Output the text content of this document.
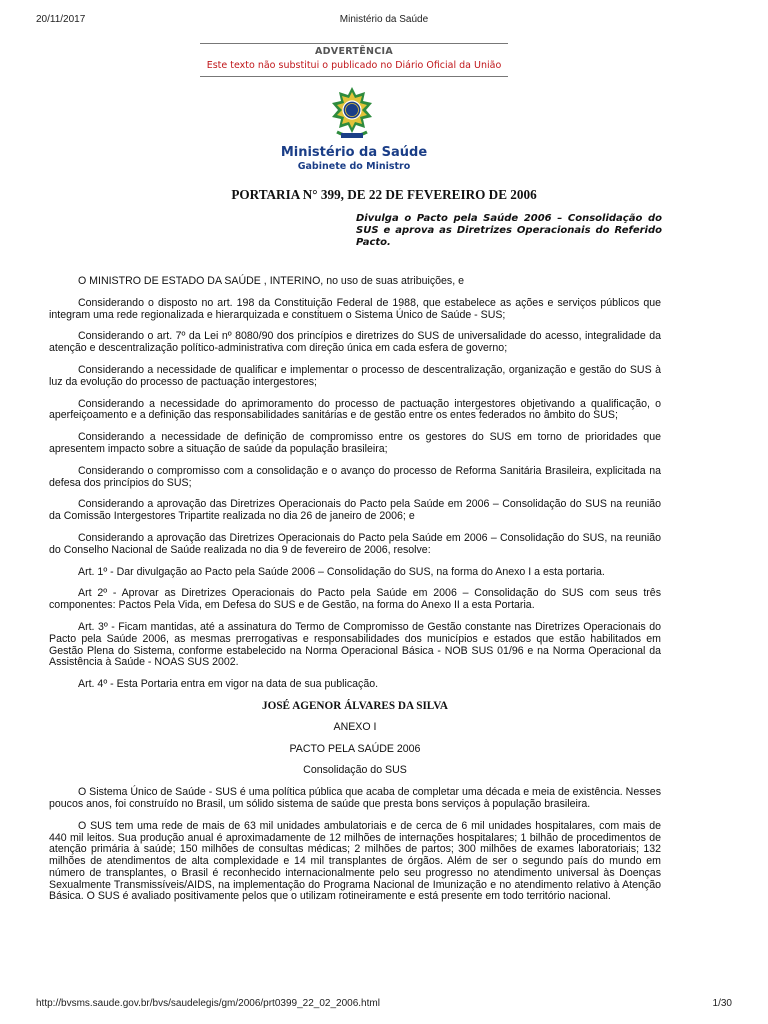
20/11/2017	Ministério da Saúde
ADVERTÊNCIA
Este texto não substitui o publicado no Diário Oficial da União
Ministério da Saúde
Gabinete do Ministro
PORTARIA N° 399, DE 22 DE FEVEREIRO DE 2006
Divulga o Pacto pela Saúde 2006 – Consolidação do SUS e aprova as Diretrizes Operacionais do Referido Pacto.

O MINISTRO DE ESTADO DA SAÚDE , INTERINO, no uso de suas atribuições, e

Considerando o disposto no art. 198 da Constituição Federal de 1988, que estabelece as ações e serviços públicos que integram uma rede regionalizada e hierarquizada e constituem o Sistema Único de Saúde - SUS;

Considerando o art. 7º da Lei nº 8080/90 dos princípios e diretrizes do SUS de universalidade do acesso, integralidade da atenção e descentralização político-administrativa com direção única em cada esfera de governo;

Considerando a necessidade de qualificar e implementar o processo de descentralização, organização e gestão do SUS à luz da evolução do processo de pactuação intergestores;

Considerando a necessidade do aprimoramento do processo de pactuação intergestores objetivando a qualificação, o aperfeiçoamento e a definição das responsabilidades sanitárias e de gestão entre os entes federados no âmbito do SUS;

Considerando a necessidade de definição de compromisso entre os gestores do SUS em torno de prioridades que apresentem impacto sobre a situação de saúde da população brasileira;

Considerando o compromisso com a consolidação e o avanço do processo de Reforma Sanitária Brasileira, explicitada na defesa dos princípios do SUS;

Considerando a aprovação das Diretrizes Operacionais do Pacto pela Saúde em 2006 – Consolidação do SUS na reunião da Comissão Intergestores Tripartite realizada no dia 26 de janeiro de 2006; e

Considerando a aprovação das Diretrizes Operacionais do Pacto pela Saúde em 2006 – Consolidação do SUS, na reunião do Conselho Nacional de Saúde realizada no dia 9 de fevereiro de 2006, resolve:

Art. 1º - Dar divulgação ao Pacto pela Saúde 2006 – Consolidação do SUS, na forma do Anexo I a esta portaria.

Art 2º - Aprovar as Diretrizes Operacionais do Pacto pela Saúde em 2006 – Consolidação do SUS com seus três componentes: Pactos Pela Vida, em Defesa do SUS e de Gestão, na forma do Anexo II a esta Portaria.

Art. 3º - Ficam mantidas, até a assinatura do Termo de Compromisso de Gestão constante nas Diretrizes Operacionais do Pacto pela Saúde 2006, as mesmas prerrogativas e responsabilidades dos municípios e estados que estão habilitados em Gestão Plena do Sistema, conforme estabelecido na Norma Operacional Básica - NOB SUS 01/96 e na Norma Operacional da Assistência à Saúde - NOAS SUS 2002.

Art. 4º - Esta Portaria entra em vigor na data de sua publicação.

JOSÉ AGENOR ÁLVARES DA SILVA

ANEXO I

PACTO PELA SAÚDE 2006

Consolidação do SUS

O Sistema Único de Saúde - SUS é uma política pública que acaba de completar uma década e meia de existência. Nesses poucos anos, foi construído no Brasil, um sólido sistema de saúde que presta bons serviços à população brasileira.

O SUS tem uma rede de mais de 63 mil unidades ambulatoriais e de cerca de 6 mil unidades hospitalares, com mais de 440 mil leitos. Sua produção anual é aproximadamente de 12 milhões de internações hospitalares; 1 bilhão de procedimentos de atenção primária à saúde; 150 milhões de consultas médicas; 2 milhões de partos; 300 milhões de exames laboratoriais; 132 milhões de atendimentos de alta complexidade e 14 mil transplantes de órgãos. Além de ser o segundo país do mundo em número de transplantes, o Brasil é reconhecido internacionalmente pelo seu progresso no atendimento universal às Doenças Sexualmente Transmissíveis/AIDS, na implementação do Programa Nacional de Imunização e no atendimento relativo à Atenção Básica. O SUS é avaliado positivamente pelos que o utilizam rotineiramente e está presente em todo território nacional.

http://bvsms.saude.gov.br/bvs/saudelegis/gm/2006/prt0399_22_02_2006.html	1/30
